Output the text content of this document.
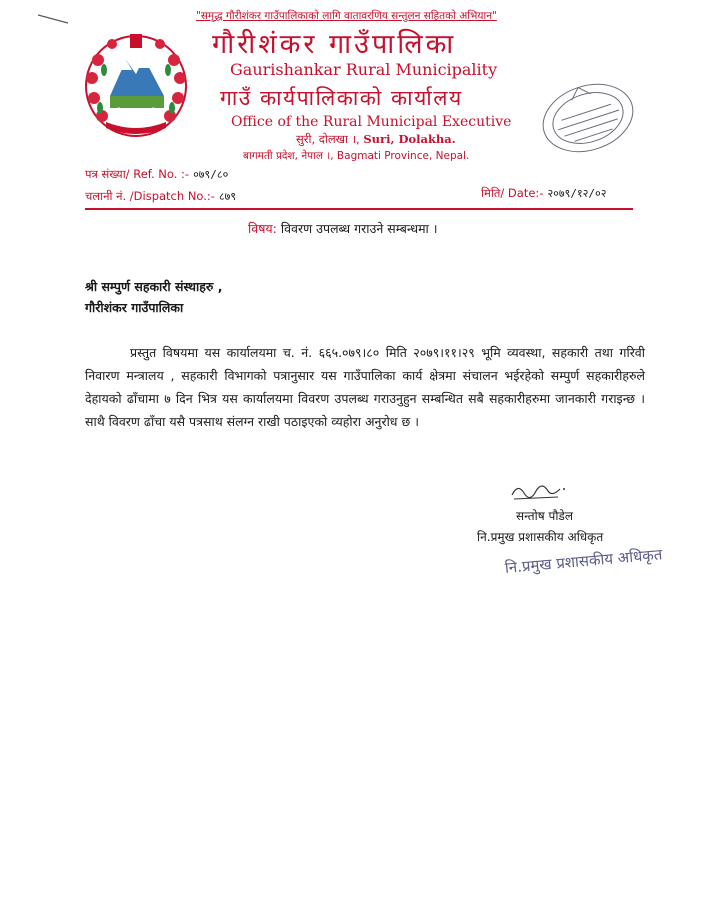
"समृद्ध गौरीशंकर गाउँपालिकाको लागि वातावरणिय सन्तुलन सहितको अभियान"
गौरीशंकर गाउँपालिका
Gaurishankar Rural Municipality
गाउँ कार्यपालिकाको कार्यालय
Office of the Rural Municipal Executive
सुरी, दोलखा ।, Suri, Dolakha.
बागमती प्रदेश, नेपाल ।, Bagmati Province, Nepal.
पत्र संख्या/ Ref. No. :- ०७९/८०
चलानी नं. /Dispatch No.:- ८७९	मिति/ Date:- २०७९/१२/०२
विषय: विवरण उपलब्ध गराउने सम्बन्धमा ।
श्री सम्पुर्ण सहकारी संस्थाहरु ,
गौरीशंकर गाउँपालिका
प्रस्तुत विषयमा यस कार्यालयमा च. नं. ६६५.०७९।८० मिति २०७९।११।२९ भूमि व्यवस्था, सहकारी तथा गरिवी निवारण मन्त्रालय , सहकारी विभागको पत्रानुसार यस गाउँपालिका कार्य क्षेत्रमा संचालन भईरहेको सम्पुर्ण सहकारीहरुले देहायको ढाँचामा ७ दिन भित्र यस कार्यालयमा विवरण उपलब्ध गराउनुहुन सम्बन्धित सबै सहकारीहरुमा जानकारी गराइन्छ । साथै विवरण ढाँचा यसै पत्रसाथ संलग्न राखी पठाइएको व्यहोरा अनुरोध छ ।
सन्तोष पौडेल
नि.प्रमुख प्रशासकीय अधिकृत
नि.प्रमुख प्रशासकीय अधिकृत
